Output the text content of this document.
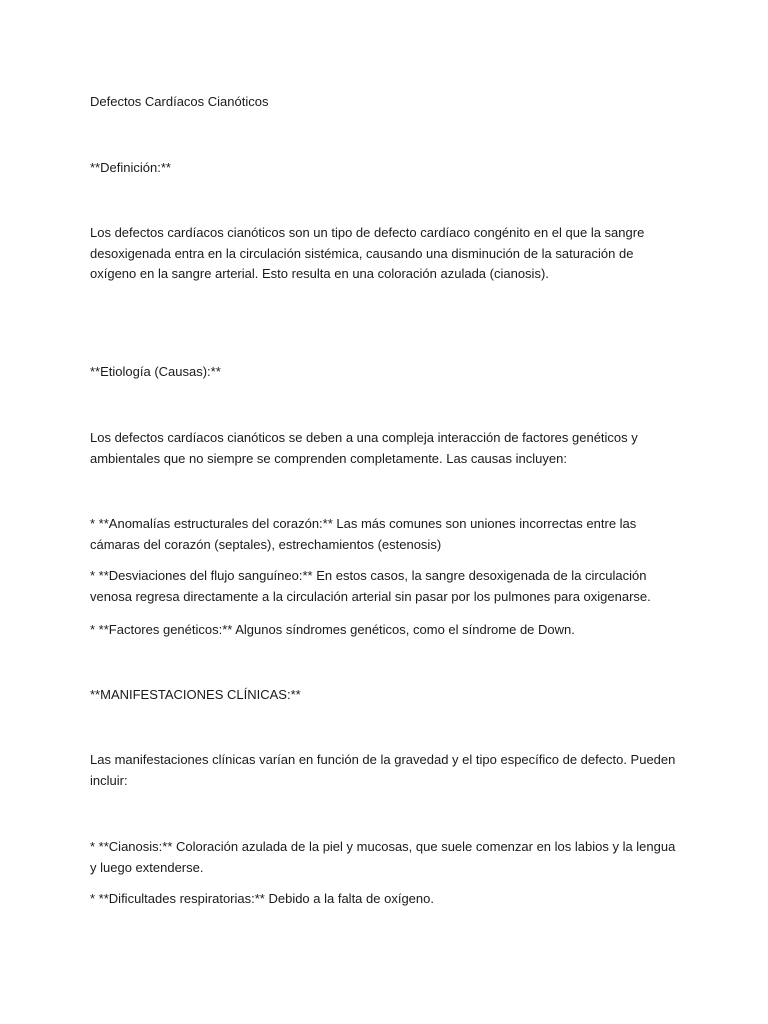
Defectos Cardíacos Cianóticos

**Definición:**

Los defectos cardíacos cianóticos son un tipo de defecto cardíaco congénito en el que la sangre desoxigenada entra en la circulación sistémica, causando una disminución de la saturación de oxígeno en la sangre arterial. Esto resulta en una coloración azulada (cianosis).

**Etiología (Causas):**

Los defectos cardíacos cianóticos se deben a una compleja interacción de factores genéticos y ambientales que no siempre se comprenden completamente. Las causas incluyen:

* **Anomalías estructurales del corazón:** Las más comunes son uniones incorrectas entre las cámaras del corazón (septales), estrechamientos (estenosis)

* **Desviaciones del flujo sanguíneo:** En estos casos, la sangre desoxigenada de la circulación venosa regresa directamente a la circulación arterial sin pasar por los pulmones para oxigenarse.

* **Factores genéticos:** Algunos síndromes genéticos, como el síndrome de Down.

**MANIFESTACIONES CLÍNICAS:**

Las manifestaciones clínicas varían en función de la gravedad y el tipo específico de defecto. Pueden incluir:

* **Cianosis:** Coloración azulada de la piel y mucosas, que suele comenzar en los labios y la lengua y luego extenderse.

* **Dificultades respiratorias:** Debido a la falta de oxígeno.
